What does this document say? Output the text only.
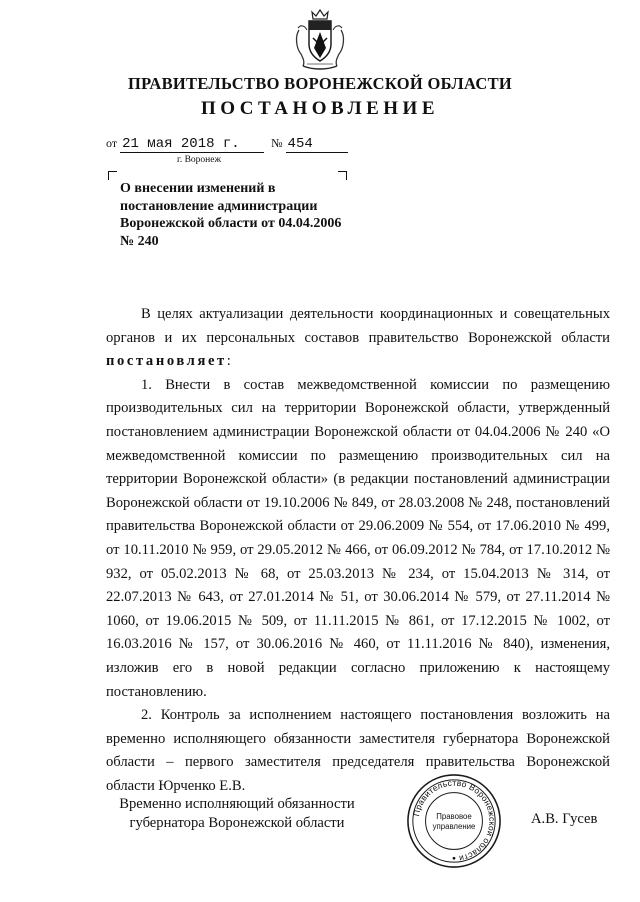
ПРАВИТЕЛЬСТВО ВОРОНЕЖСКОЙ ОБЛАСТИ
ПОСТАНОВЛЕНИЕ
от 21 мая 2018 г.	№ 454
г. Воронеж
О внесении изменений в постановление администрации Воронежской области от 04.04.2006 № 240

В целях актуализации деятельности координационных и совещательных органов и их персональных составов правительство Воронежской области постановляет:

1. Внести в состав межведомственной комиссии по размещению производительных сил на территории Воронежской области, утвержденный постановлением администрации Воронежской области от 04.04.2006 № 240 «О межведомственной комиссии по размещению производительных сил на территории Воронежской области» (в редакции постановлений администрации Воронежской области от 19.10.2006 № 849, от 28.03.2008 № 248, постановлений правительства Воронежской области от 29.06.2009 № 554, от 17.06.2010 № 499, от 10.11.2010 № 959, от 29.05.2012 № 466, от 06.09.2012 № 784, от 17.10.2012 № 932, от 05.02.2013 № 68, от 25.03.2013 № 234, от 15.04.2013 № 314, от 22.07.2013 № 643, от 27.01.2014 № 51, от 30.06.2014 № 579, от 27.11.2014 № 1060, от 19.06.2015 № 509, от 11.11.2015 № 861, от 17.12.2015 № 1002, от 16.03.2016 № 157, от 30.06.2016 № 460, от 11.11.2016 № 840), изменения, изложив его в новой редакции согласно приложению к настоящему постановлению.

2. Контроль за исполнением настоящего постановления возложить на временно исполняющего обязанности заместителя губернатора Воронежской области – первого заместителя председателя правительства Воронежской области Юрченко Е.В.

Временно исполняющий обязанности
губернатора Воронежской области
Правительство Воронежской области
Правовое
управление	А.В. Гусев
